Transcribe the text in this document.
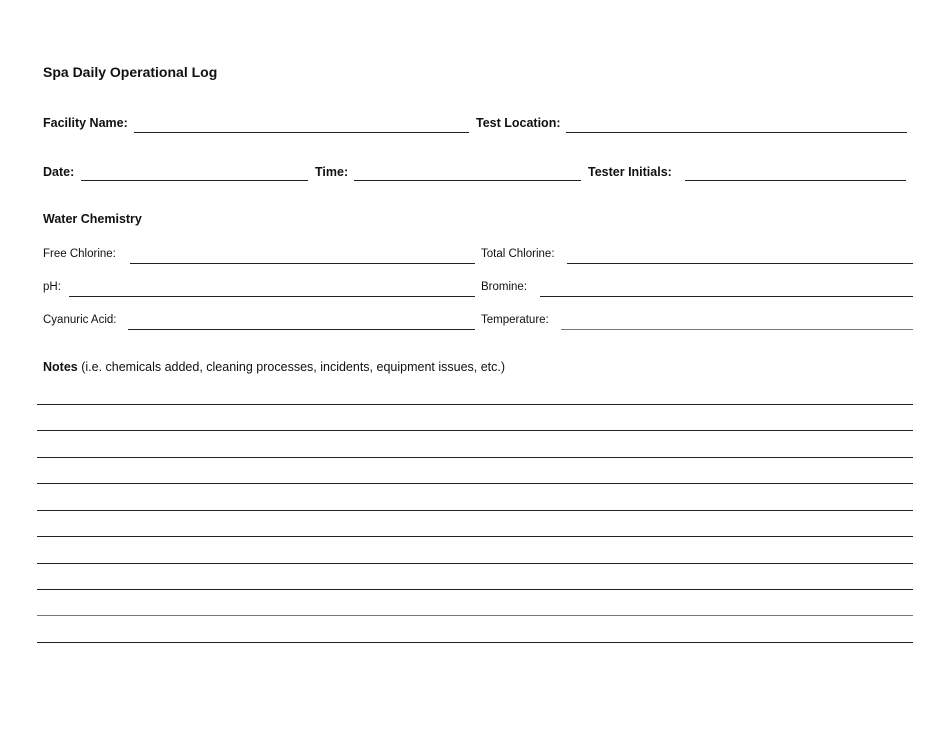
Spa Daily Operational Log
Facility Name:	Test Location:
Date:	Time:	Tester Initials:
Water Chemistry
Free Chlorine:	Total Chlorine:
pH:	Bromine:
Cyanuric Acid:	Temperature:
Notes (i.e. chemicals added, cleaning processes, incidents, equipment issues, etc.)
